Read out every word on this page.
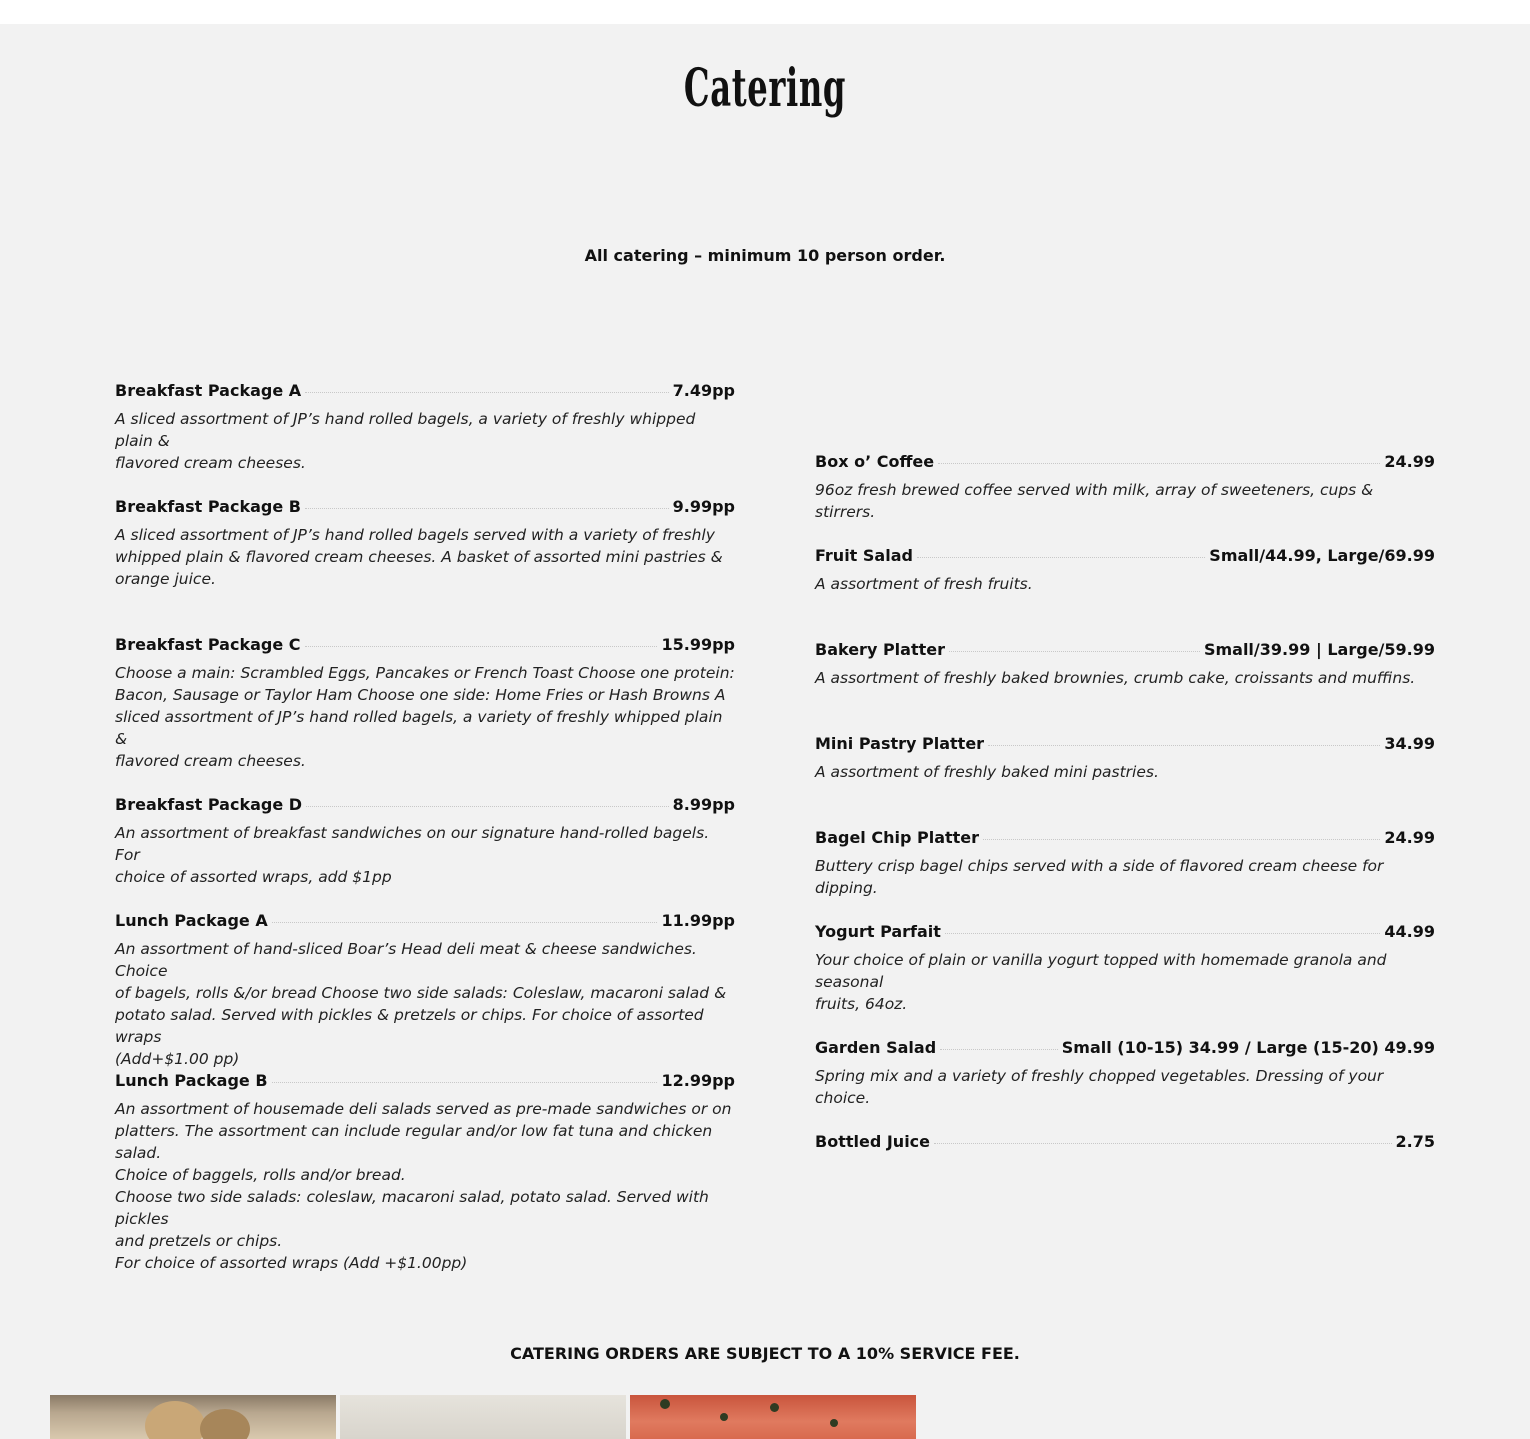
Catering
All catering – minimum 10 person order.
Breakfast Package A	7.49pp
A sliced assortment of JP’s hand rolled bagels, a variety of freshly whipped plain &
flavored cream cheeses.
Breakfast Package B	9.99pp
A sliced assortment of JP’s hand rolled bagels served with a variety of freshly
whipped plain & flavored cream cheeses. A basket of assorted mini pastries &
orange juice.
Breakfast Package C	15.99pp
Choose a main: Scrambled Eggs, Pancakes or French Toast Choose one protein:
Bacon, Sausage or Taylor Ham Choose one side: Home Fries or Hash Browns A
sliced assortment of JP’s hand rolled bagels, a variety of freshly whipped plain &
flavored cream cheeses.
Breakfast Package D	8.99pp
An assortment of breakfast sandwiches on our signature hand-rolled bagels. For
choice of assorted wraps, add $1pp
Lunch Package A	11.99pp
An assortment of hand-sliced Boar’s Head deli meat & cheese sandwiches. Choice
of bagels, rolls &/or bread Choose two side salads: Coleslaw, macaroni salad &
potato salad. Served with pickles & pretzels or chips. For choice of assorted wraps
(Add+$1.00 pp)
Lunch Package B	12.99pp
An assortment of housemade deli salads served as pre-made sandwiches or on
platters. The assortment can include regular and/or low fat tuna and chicken salad.
Choice of baggels, rolls and/or bread.
Choose two side salads: coleslaw, macaroni salad, potato salad. Served with pickles
and pretzels or chips.
For choice of assorted wraps (Add +$1.00pp)
Box o’ Coffee	24.99
96oz fresh brewed coffee served with milk, array of sweeteners, cups & stirrers.
Fruit Salad	Small/44.99, Large/69.99
A assortment of fresh fruits.
Bakery Platter	Small/39.99 | Large/59.99
A assortment of freshly baked brownies, crumb cake, croissants and muffins.
Mini Pastry Platter	34.99
A assortment of freshly baked mini pastries.
Bagel Chip Platter	24.99
Buttery crisp bagel chips served with a side of flavored cream cheese for dipping.
Yogurt Parfait	44.99
Your choice of plain or vanilla yogurt topped with homemade granola and seasonal
fruits, 64oz.
Garden Salad	Small (10-15) 34.99 / Large (15-20) 49.99
Spring mix and a variety of freshly chopped vegetables. Dressing of your choice.
Bottled Juice	2.75
CATERING ORDERS ARE SUBJECT TO A 10% SERVICE FEE.
